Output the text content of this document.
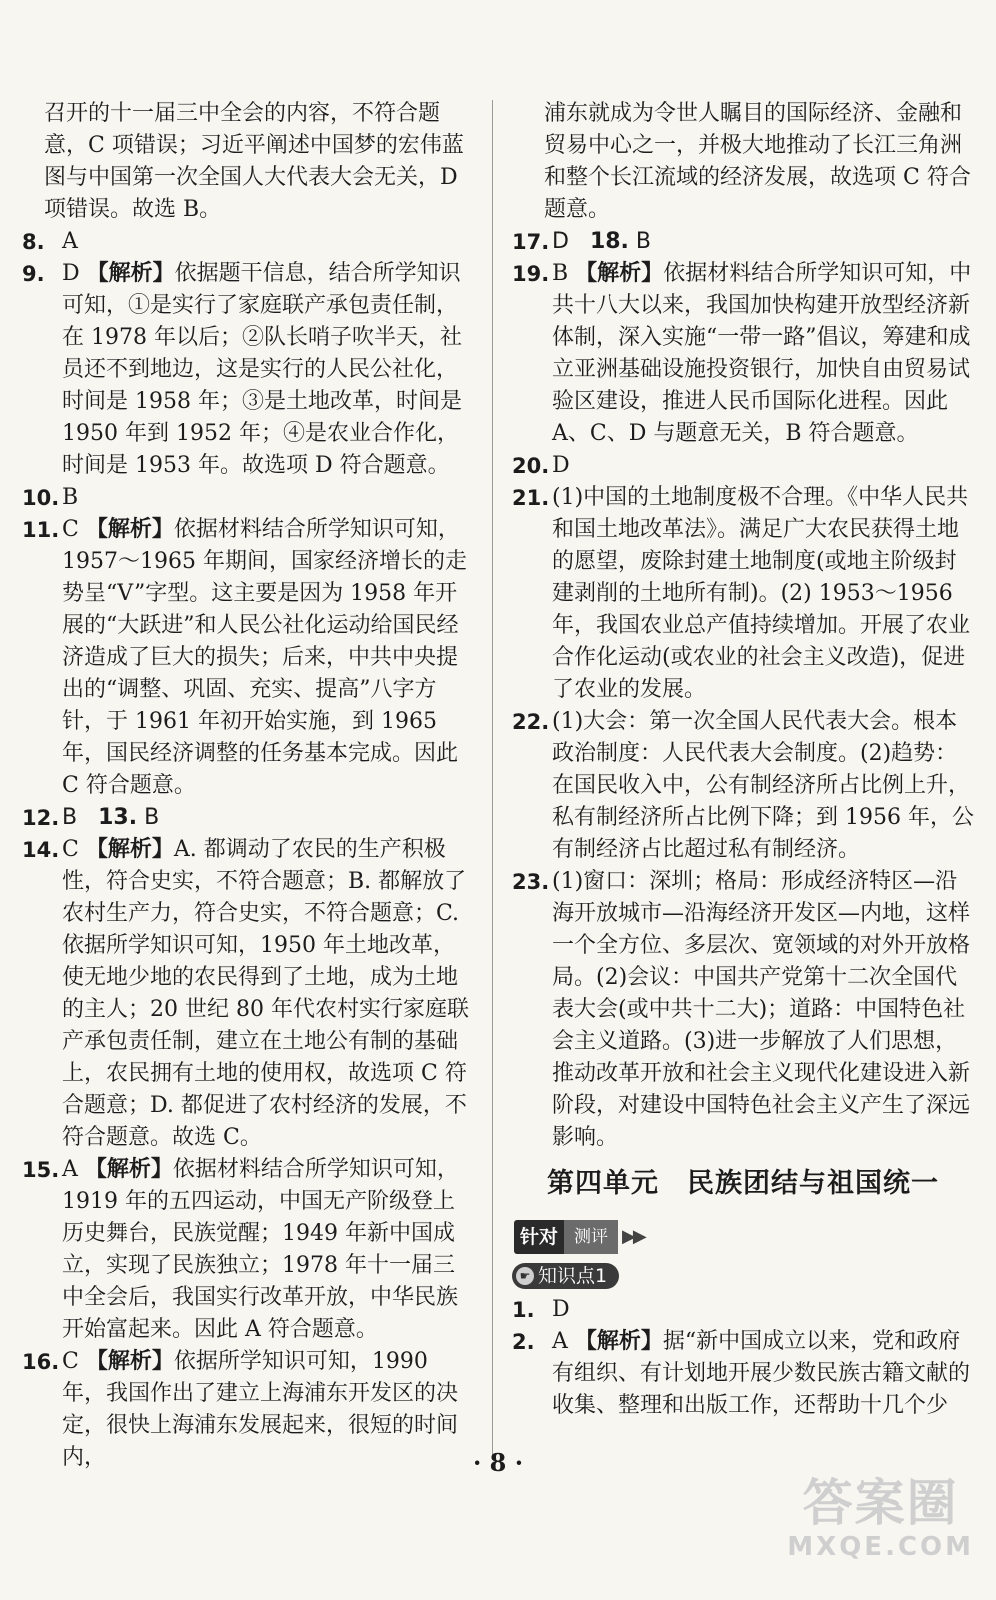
召开的十一届三中全会的内容，不符合题意，C 项错误；习近平阐述中国梦的宏伟蓝图与中国第一次全国人大代表大会无关，D 项错误。故选 B。

8. A

9. D 【解析】依据题干信息，结合所学知识可知，①是实行了家庭联产承包责任制，在 1978 年以后；②队长哨子吹半天，社员还不到地边，这是实行的人民公社化，时间是 1958 年；③是土地改革，时间是 1950 年到 1952 年；④是农业合作化，时间是 1953 年。故选项 D 符合题意。

10. B

11. C 【解析】依据材料结合所学知识可知，1957～1965 年期间，国家经济增长的走势呈“V”字型。这主要是因为 1958 年开展的“大跃进”和人民公社化运动给国民经济造成了巨大的损失；后来，中共中央提出的“调整、巩固、充实、提高”八字方针，于 1961 年初开始实施，到 1965 年，国民经济调整的任务基本完成。因此 C 符合题意。

12. B 13. B

14. C 【解析】A. 都调动了农民的生产积极性，符合史实，不符合题意；B. 都解放了农村生产力，符合史实，不符合题意；C. 依据所学知识可知，1950 年土地改革，使无地少地的农民得到了土地，成为土地的主人；20 世纪 80 年代农村实行家庭联产承包责任制，建立在土地公有制的基础上，农民拥有土地的使用权，故选项 C 符合题意；D. 都促进了农村经济的发展，不符合题意。故选 C。

15. A 【解析】依据材料结合所学知识可知，1919 年的五四运动，中国无产阶级登上历史舞台，民族觉醒；1949 年新中国成立，实现了民族独立；1978 年十一届三中全会后，我国实行改革开放，中华民族开始富起来。因此 A 符合题意。

16. C 【解析】依据所学知识可知，1990 年，我国作出了建立上海浦东开发区的决定，很快上海浦东发展起来，很短的时间内，

浦东就成为令世人瞩目的国际经济、金融和贸易中心之一，并极大地推动了长江三角洲和整个长江流域的经济发展，故选项 C 符合题意。

17. D 18. B

19. B 【解析】依据材料结合所学知识可知，中共十八大以来，我国加快构建开放型经济新体制，深入实施“一带一路”倡议，筹建和成立亚洲基础设施投资银行，加快自由贸易试验区建设，推进人民币国际化进程。因此 A、C、D 与题意无关，B 符合题意。

20. D

21. (1)中国的土地制度极不合理。《中华人民共和国土地改革法》。满足广大农民获得土地的愿望，废除封建土地制度(或地主阶级封建剥削的土地所有制)。(2) 1953～1956 年，我国农业总产值持续增加。开展了农业合作化运动(或农业的社会主义改造)，促进了农业的发展。

22. (1)大会：第一次全国人民代表大会。根本政治制度：人民代表大会制度。(2)趋势：在国民收入中，公有制经济所占比例上升，私有制经济所占比例下降；到 1956 年，公有制经济占比超过私有制经济。

23. (1)窗口：深圳；格局：形成经济特区—沿海开放城市—沿海经济开发区—内地，这样一个全方位、多层次、宽领域的对外开放格局。(2)会议：中国共产党第十二次全国代表大会(或中共十二大)；道路：中国特色社会主义道路。(3)进一步解放了人们思想，推动改革开放和社会主义现代化建设进入新阶段，对建设中国特色社会主义产生了深远影响。

第四单元　民族团结与祖国统一
针对 测评 ▶▶
☛ 知识点1

1. D

2. A 【解析】据“新中国成立以来，党和政府有组织、有计划地开展少数民族古籍文献的收集、整理和出版工作，还帮助十几个少

· 8 ·
答案圈
MXQE.COM
